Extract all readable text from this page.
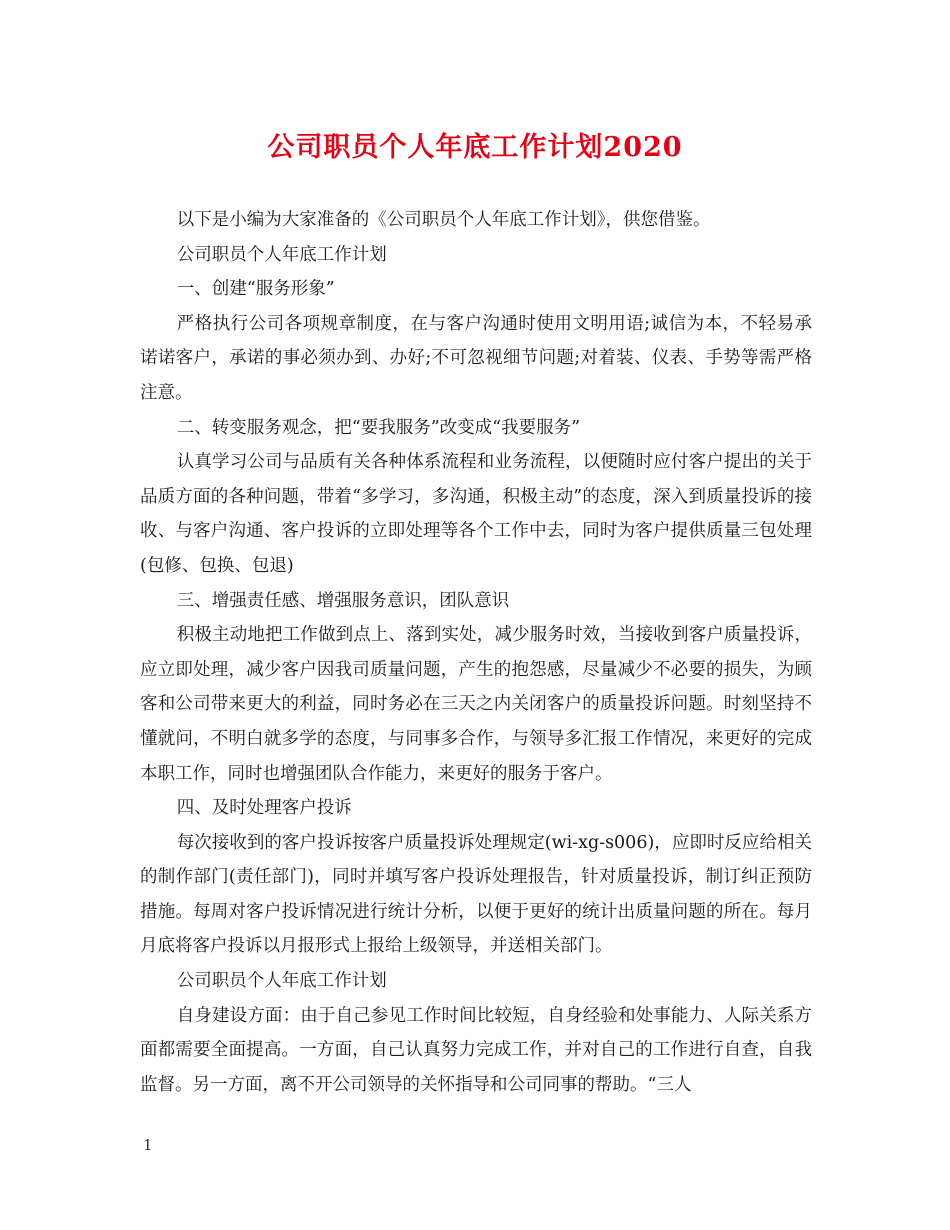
公司职员个人年底工作计划2020

以下是小编为大家准备的《公司职员个人年底工作计划》，供您借鉴。

公司职员个人年底工作计划

一、创建“服务形象”

严格执行公司各项规章制度，在与客户沟通时使用文明用语;诚信为本，不轻易承诺诺客户，承诺的事必须办到、办好;不可忽视细节问题;对着装、仪表、手势等需严格注意。

二、转变服务观念，把“要我服务”改变成“我要服务”

认真学习公司与品质有关各种体系流程和业务流程，以便随时应付客户提出的关于品质方面的各种问题，带着“多学习，多沟通，积极主动”的态度，深入到质量投诉的接收、与客户沟通、客户投诉的立即处理等各个工作中去，同时为客户提供质量三包处理(包修、包换、包退)

三、增强责任感、增强服务意识，团队意识

积极主动地把工作做到点上、落到实处，减少服务时效，当接收到客户质量投诉，应立即处理，减少客户因我司质量问题，产生的抱怨感，尽量减少不必要的损失，为顾客和公司带来更大的利益，同时务必在三天之内关闭客户的质量投诉问题。时刻坚持不懂就问，不明白就多学的态度，与同事多合作，与领导多汇报工作情况，来更好的完成本职工作，同时也增强团队合作能力，来更好的服务于客户。

四、及时处理客户投诉

每次接收到的客户投诉按客户质量投诉处理规定(wi-xg-s006)，应即时反应给相关的制作部门(责任部门)，同时并填写客户投诉处理报告，针对质量投诉，制订纠正预防措施。每周对客户投诉情况进行统计分析，以便于更好的统计出质量问题的所在。每月月底将客户投诉以月报形式上报给上级领导，并送相关部门。

公司职员个人年底工作计划

自身建设方面：由于自己参见工作时间比较短，自身经验和处事能力、人际关系方面都需要全面提高。一方面，自己认真努力完成工作，并对自己的工作进行自查，自我监督。另一方面，离不开公司领导的关怀指导和公司同事的帮助。“三人

1
